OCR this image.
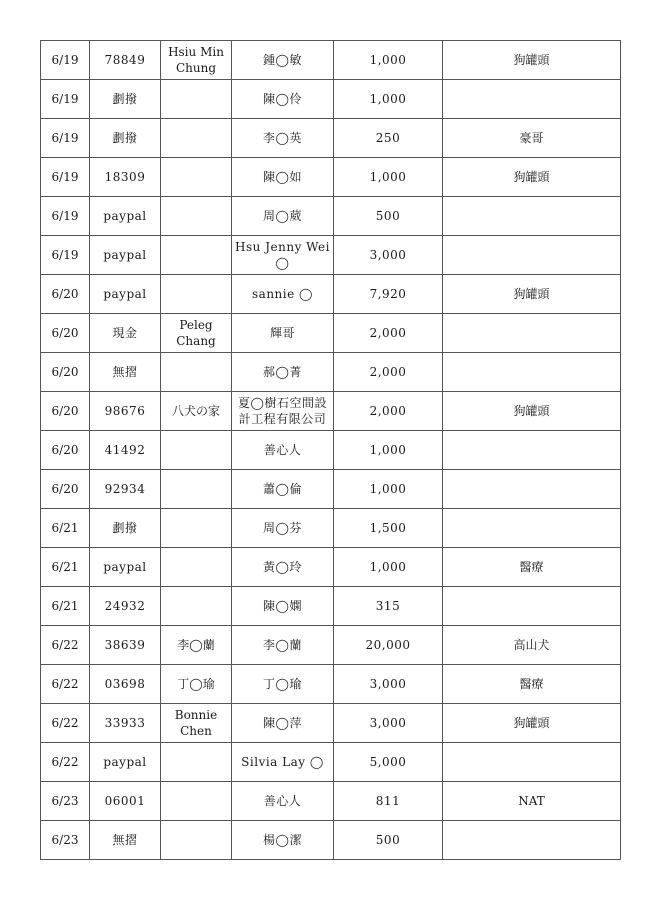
6/19	78849	Hsiu Min Chung	鍾◯敏	1,000	狗罐頭
6/19	劃撥		陳◯伶	1,000	
6/19	劃撥		李◯英	250	豪哥
6/19	18309		陳◯如	1,000	狗罐頭
6/19	paypal		周◯葳	500	
6/19	paypal		Hsu Jenny Wei ◯	3,000	
6/20	paypal		sannie ◯	7,920	狗罐頭
6/20	現金	Peleg Chang	輝哥	2,000	
6/20	無摺		郝◯菁	2,000	
6/20	98676	八犬の家	夏◯樹石空間設計工程有限公司	2,000	狗罐頭
6/20	41492		善心人	1,000	
6/20	92934		蕭◯倫	1,000	
6/21	劃撥		周◯芬	1,500	
6/21	paypal		黃◯玲	1,000	醫療
6/21	24932		陳◯嫻	315	
6/22	38639	李◯蘭	李◯蘭	20,000	高山犬
6/22	03698	丁◯瑜	丁◯瑜	3,000	醫療
6/22	33933	Bonnie Chen	陳◯萍	3,000	狗罐頭
6/22	paypal		Silvia Lay ◯	5,000	
6/23	06001		善心人	811	NAT
6/23	無摺		楊◯潔	500	
